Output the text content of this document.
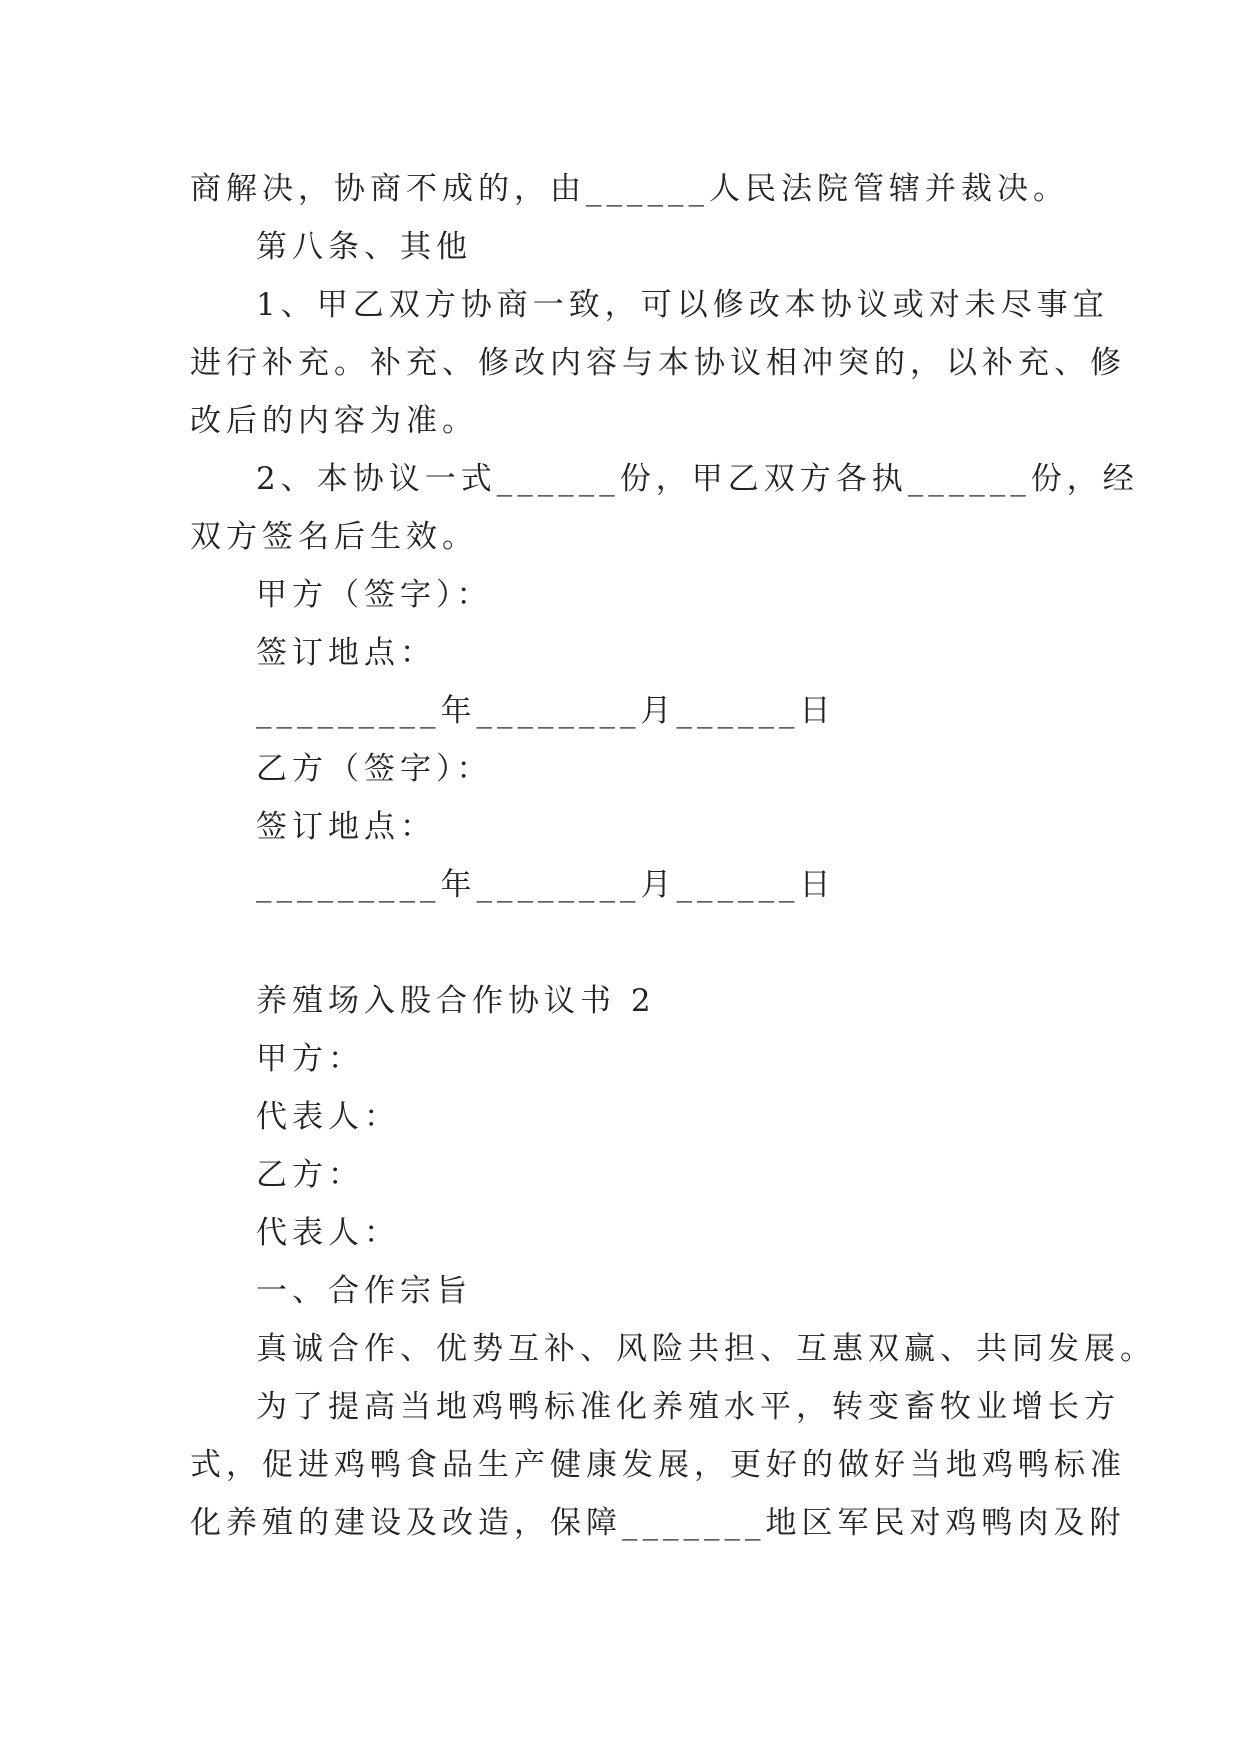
商解决，协商不成的，由______人民法院管辖并裁决。
第八条、其他
1、甲乙双方协商一致，可以修改本协议或对未尽事宜
进行补充。补充、修改内容与本协议相冲突的，以补充、修
改后的内容为准。
2、本协议一式______份，甲乙双方各执______份，经
双方签名后生效。
甲方（签字）：
签订地点：
_________年________月______日
乙方（签字）：
签订地点：
_________年________月______日
养殖场入股合作协议书 2
甲方：
代表人：
乙方：
代表人：
一、合作宗旨
真诚合作、优势互补、风险共担、互惠双赢、共同发展。
为了提高当地鸡鸭标准化养殖水平，转变畜牧业增长方
式，促进鸡鸭食品生产健康发展，更好的做好当地鸡鸭标准
化养殖的建设及改造，保障_______地区军民对鸡鸭肉及附
